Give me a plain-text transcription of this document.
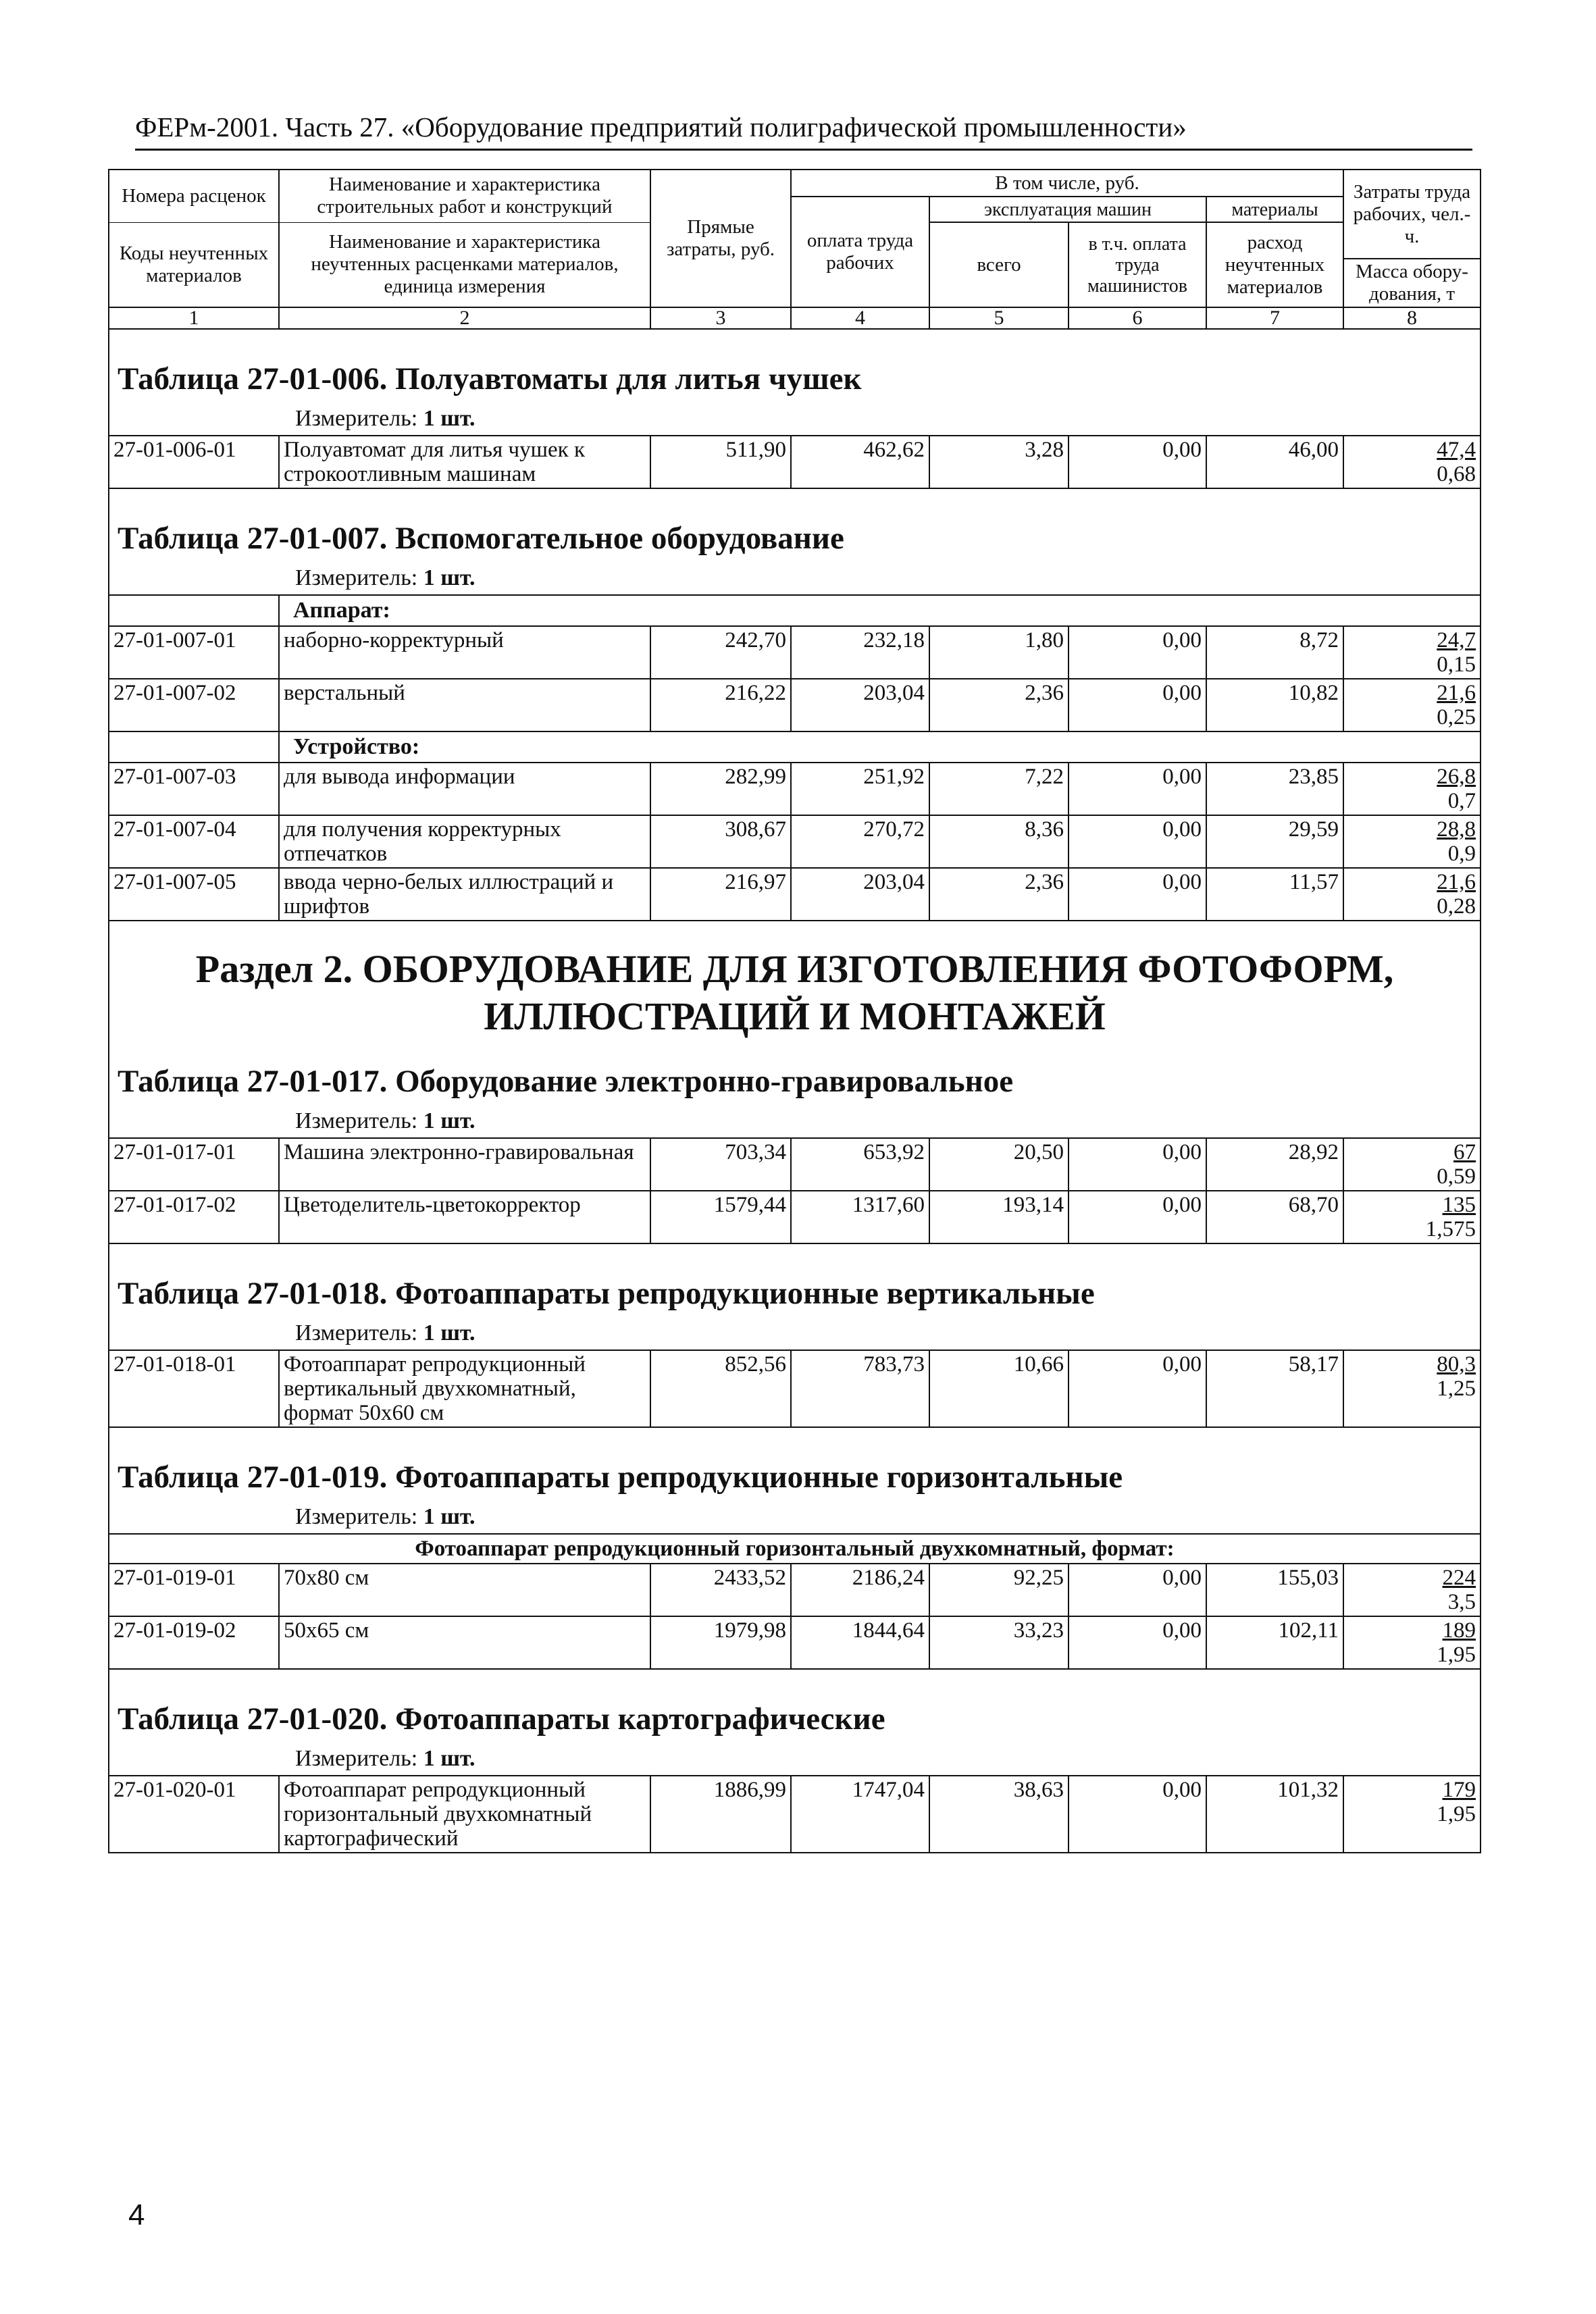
ФЕРм-2001. Часть 27. «Оборудование предприятий полиграфической промышленности»
Номера расценок	Наименование и характеристика строительных работ и конструкций	Прямые затраты, руб.	В том числе, руб.				Затраты труда рабочих, чел.-ч.
			оплата труда рабочих	эксплуатация машин		материалы	
Коды неучтенных материалов	Наименование и характеристика неучтенных расценками материалов, единица измерения			всего	в т.ч. оплата труда машинистов	расход неучтенных материалов	
							Масса обору-дования, т
1	2	3	4	5	6	7	8
Таблица 27-01-006. Полуавтоматы для литья чушек							
Измеритель: 1 шт.							
27-01-006-01	Полуавтомат для литья чушек к строкоотливным машинам	511,90	462,62	3,28	0,00	46,00	47,4
0,68
Таблица 27-01-007. Вспомогательное оборудование							
Измеритель: 1 шт.							
	Аппарат:						
27-01-007-01	наборно-корректурный	242,70	232,18	1,80	0,00	8,72	24,7
0,15
27-01-007-02	верстальный	216,22	203,04	2,36	0,00	10,82	21,6
0,25
	Устройство:						
27-01-007-03	для вывода информации	282,99	251,92	7,22	0,00	23,85	26,8
0,7
27-01-007-04	для получения корректурных отпечатков	308,67	270,72	8,36	0,00	29,59	28,8
0,9
27-01-007-05	ввода черно-белых иллюстраций и шрифтов	216,97	203,04	2,36	0,00	11,57	21,6
0,28
Раздел 2. ОБОРУДОВАНИЕ ДЛЯ ИЗГОТОВЛЕНИЯ ФОТОФОРМ,
ИЛЛЮСТРАЦИЙ И МОНТАЖЕЙ							
Таблица 27-01-017. Оборудование электронно-гравировальное							
Измеритель: 1 шт.							
27-01-017-01	Машина электронно-гравировальная	703,34	653,92	20,50	0,00	28,92	67
0,59
27-01-017-02	Цветоделитель-цветокорректор	1579,44	1317,60	193,14	0,00	68,70	135
1,575
Таблица 27-01-018. Фотоаппараты репродукционные вертикальные							
Измеритель: 1 шт.							
27-01-018-01	Фотоаппарат репродукционный вертикальный двухкомнатный, формат 50x60 см	852,56	783,73	10,66	0,00	58,17	80,3
1,25
Таблица 27-01-019. Фотоаппараты репродукционные горизонтальные							
Измеритель: 1 шт.							
Фотоаппарат репродукционный горизонтальный двухкомнатный, формат:							
27-01-019-01	70x80 см	2433,52	2186,24	92,25	0,00	155,03	224
3,5
27-01-019-02	50x65 см	1979,98	1844,64	33,23	0,00	102,11	189
1,95
Таблица 27-01-020. Фотоаппараты картографические							
Измеритель: 1 шт.							
27-01-020-01	Фотоаппарат репродукционный горизонтальный двухкомнатный картографический	1886,99	1747,04	38,63	0,00	101,32	179
1,95
4
